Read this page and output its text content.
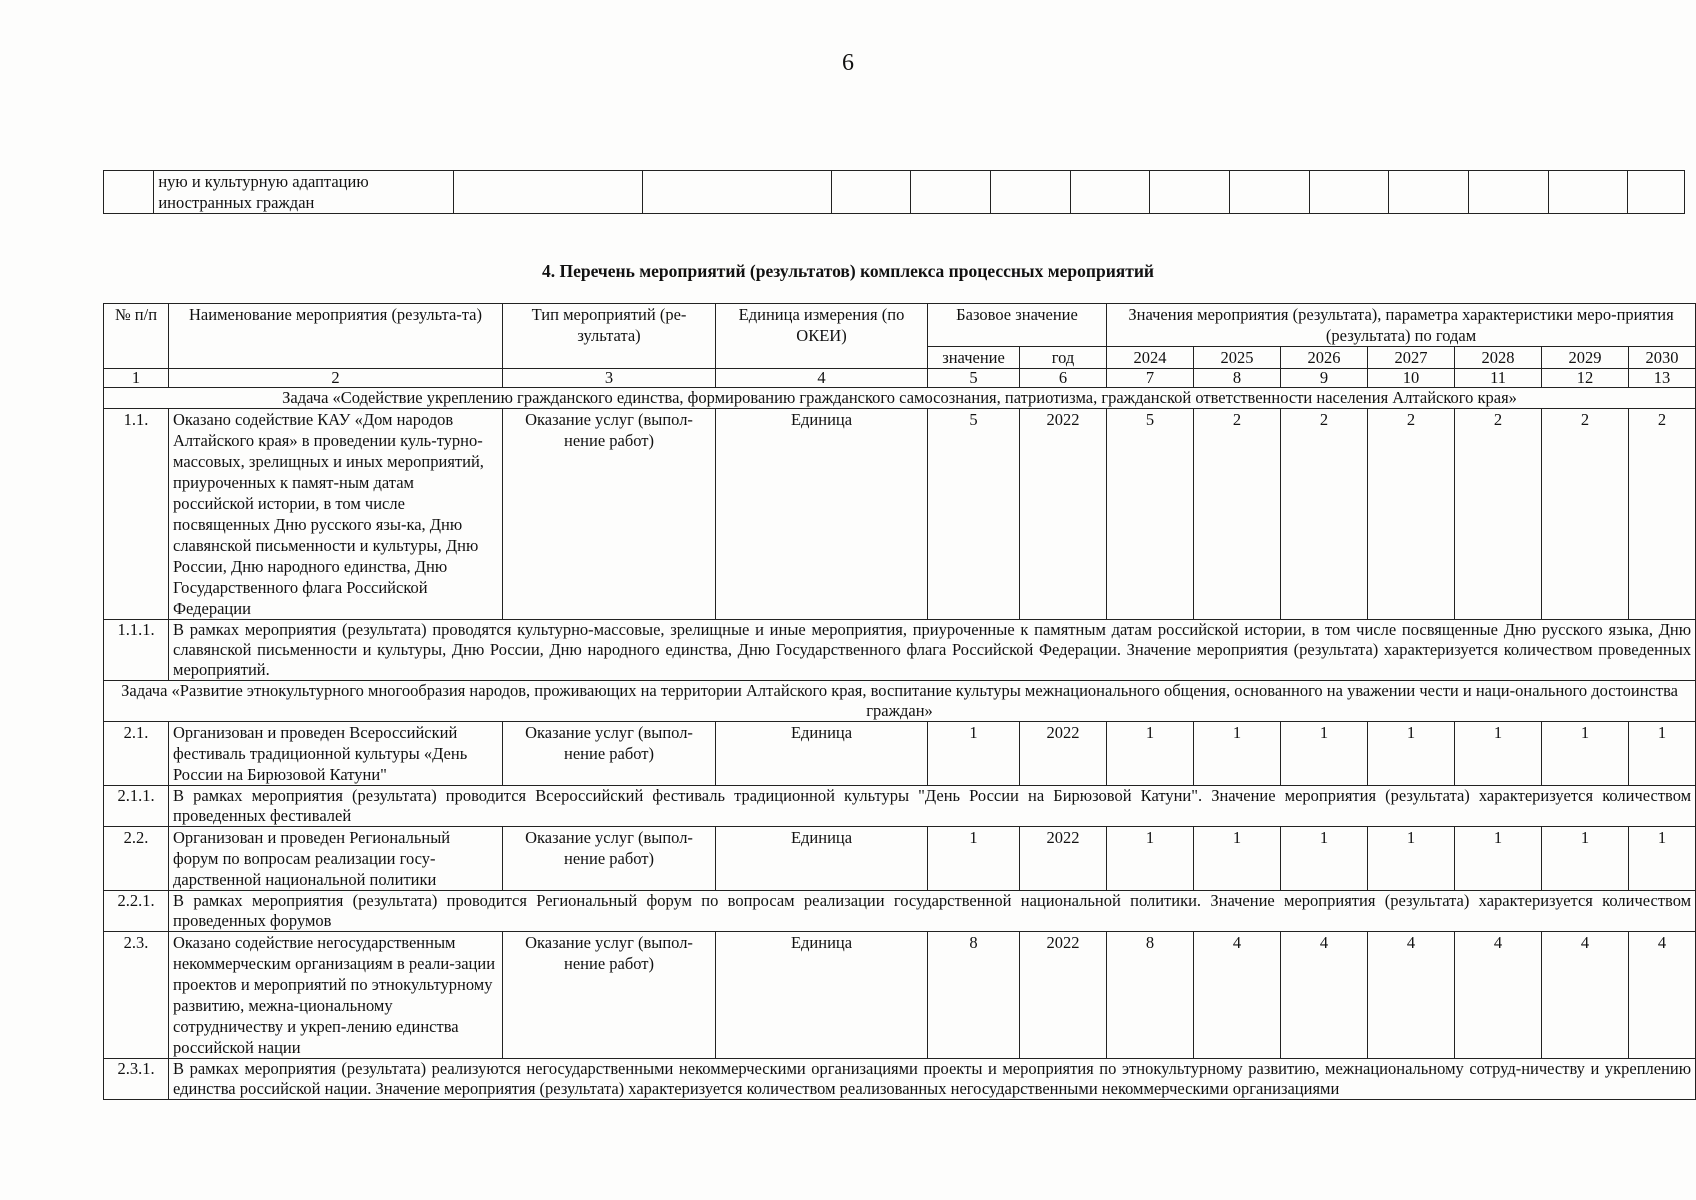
6
	ную и культурную адаптацию иностранных граждан													
4. Перечень мероприятий (результатов) комплекса процессных мероприятий
№ п/п	Наименование мероприятия (результа-та)	Тип мероприятий (ре-зультата)	Единица измерения (по ОКЕИ)	Базовое значение		Значения мероприятия (результата), параметра характеристики меро-приятия (результата) по годам						
				значение	год	2024	2025	2026	2027	2028	2029	2030
1	2	3	4	5	6	7	8	9	10	11	12	13
Задача «Содействие укреплению гражданского единства, формированию гражданского самосознания, патриотизма, гражданской ответственности населения Алтайского края»												
1.1.	Оказано содействие КАУ «Дом народов Алтайского края» в проведении куль-турно-массовых, зрелищных и иных мероприятий, приуроченных к памят-ным датам российской истории, в том числе посвященных Дню русского язы-ка, Дню славянской письменности и культуры, Дню России, Дню народного единства, Дню Государственного флага Российской Федерации	Оказание услуг (выпол-нение работ)	Единица	5	2022	5	2	2	2	2	2	2
1.1.1.	В рамках мероприятия (результата) проводятся культурно-массовые, зрелищные и иные мероприятия, приуроченные к памятным датам российской истории, в том числе посвященные Дню русского языка, Дню славянской письменности и культуры, Дню России, Дню народного единства, Дню Государственного флага Российской Федерации. Значение мероприятия (результата) характеризуется количеством проведенных мероприятий.											
Задача «Развитие этнокультурного многообразия народов, проживающих на территории Алтайского края, воспитание культуры межнационального общения, основанного на уважении чести и наци-онального достоинства граждан»												
2.1.	Организован и проведен Всероссийский фестиваль традиционной культуры «День России на Бирюзовой Катуни"	Оказание услуг (выпол-нение работ)	Единица	1	2022	1	1	1	1	1	1	1
2.1.1.	В рамках мероприятия (результата) проводится Всероссийский фестиваль традиционной культуры "День России на Бирюзовой Катуни". Значение мероприятия (результата) характеризуется количеством проведенных фестивалей											
2.2.	Организован и проведен Региональный форум по вопросам реализации госу-дарственной национальной политики	Оказание услуг (выпол-нение работ)	Единица	1	2022	1	1	1	1	1	1	1
2.2.1.	В рамках мероприятия (результата) проводится Региональный форум по вопросам реализации государственной национальной политики. Значение мероприятия (результата) характеризуется количеством проведенных форумов											
2.3.	Оказано содействие негосударственным некоммерческим организациям в реали-зации проектов и мероприятий по этнокультурному развитию, межна-циональному сотрудничеству и укреп-лению единства российской нации	Оказание услуг (выпол-нение работ)	Единица	8	2022	8	4	4	4	4	4	4
2.3.1.	В рамках мероприятия (результата) реализуются негосударственными некоммерческими организациями проекты и мероприятия по этнокультурному развитию, межнациональному сотруд-ничеству и укреплению единства российской нации. Значение мероприятия (результата) характеризуется количеством реализованных негосударственными некоммерческими организациями											
